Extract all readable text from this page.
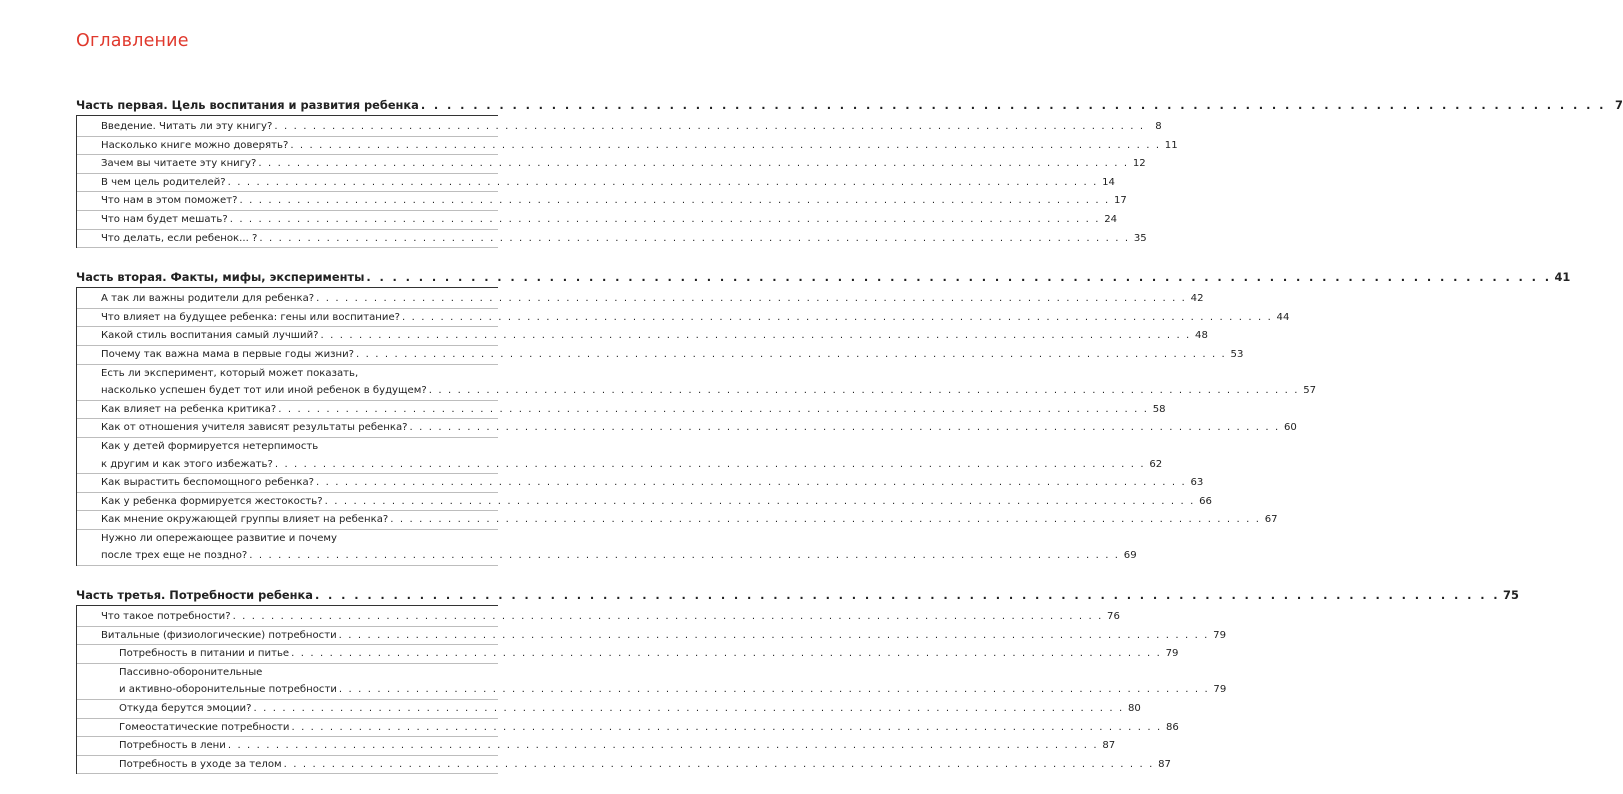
Оглавление
Часть первая. Цель воспитания и развития ребенка . . .	7
Введение. Читать ли эту книгу? . . .	8
Насколько книге можно доверять? . . .	11
Зачем вы читаете эту книгу? . . .	12
В чем цель родителей? . . .	14
Что нам в этом поможет? . . .	17
Что нам будет мешать? . . .	24
Что делать, если ребенок... ? . . .	35
Часть вторая. Факты, мифы, эксперименты . . .	41
А так ли важны родители для ребенка? . . .	42
Что влияет на будущее ребенка: гены или воспитание? . . .	44
Какой стиль воспитания самый лучший? . . .	48
Почему так важна мама в первые годы жизни? . . .	53
Есть ли эксперимент, который может показать,
насколько успешен будет тот или иной ребенок в будущем? . . .	57
Как влияет на ребенка критика? . . .	58
Как от отношения учителя зависят результаты ребенка? . . .	60
Как у детей формируется нетерпимость
к другим и как этого избежать? . . .	62
Как вырастить беспомощного ребенка? . . .	63
Как у ребенка формируется жестокость? . . .	66
Как мнение окружающей группы влияет на ребенка? . . .	67
Нужно ли опережающее развитие и почему
после трех еще не поздно? . . .	69
Часть третья. Потребности ребенка . . .	75
Что такое потребности? . . .	76
Витальные (физиологические) потребности . . .	79
Потребность в питании и питье . . .	79
Пассивно-оборонительные
и активно-оборонительные потребности . . .	79
Откуда берутся эмоции? . . .	80
Гомеостатические потребности . . .	86
Потребность в лени . . .	87
Потребность в уходе за телом . . .	87
